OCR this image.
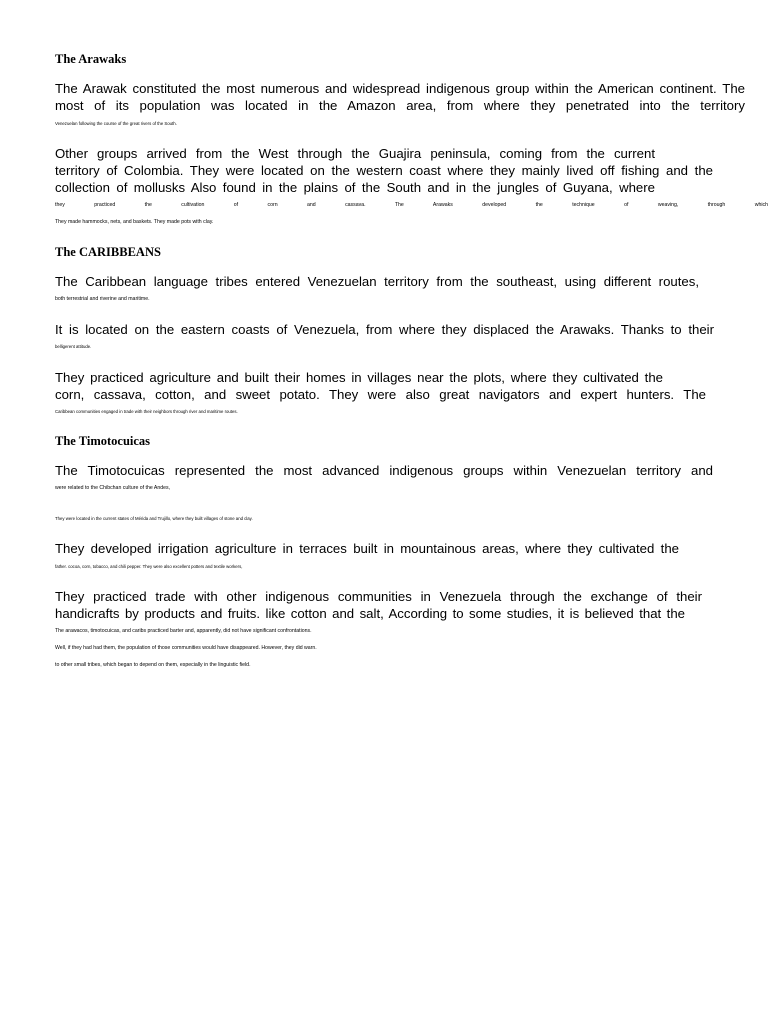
The Arawaks

The Arawak constituted the most numerous and widespread indigenous group within the American continent. The
most of its population was located in the Amazon area, from where they penetrated into the territory
Venezuelan following the course of the great rivers of the South.

Other groups arrived from the West through the Guajira peninsula, coming from the current
territory of Colombia. They were located on the western coast where they mainly lived off fishing and the
collection of mollusks Also found in the plains of the South and in the jungles of Guyana, where
they practiced the cultivation of corn and cassava. The Arawaks developed the technique of weaving, through which
They made hammocks, nets, and baskets. They made pots with clay.

The CARIBBEANS

The Caribbean language tribes entered Venezuelan territory from the southeast, using different routes,
both terrestrial and riverine and maritime.

It is located on the eastern coasts of Venezuela, from where they displaced the Arawaks. Thanks to their
belligerent attitude.

They practiced agriculture and built their homes in villages near the plots, where they cultivated the
corn, cassava, cotton, and sweet potato. They were also great navigators and expert hunters. The
Caribbean communities engaged in trade with their neighbors through river and maritime routes.

The Timotocuicas

The Timotocuicas represented the most advanced indigenous groups within Venezuelan territory and
were related to the Chibchan culture of the Andes,

They were located in the current states of Mérida and Trujillo, where they built villages of stone and clay.

They developed irrigation agriculture in terraces built in mountainous areas, where they cultivated the
father. cocoa, corn, tobacco, and chili pepper. They were also excellent potters and textile workers,

They practiced trade with other indigenous communities in Venezuela through the exchange of their
handicrafts by products and fruits. like cotton and salt, According to some studies, it is believed that the
The arawacos, timotocuicas, and caribs practiced barter and, apparently, did not have significant confrontations.
Well, if they had had them, the population of those communities would have disappeared. However, they did warn.
to other small tribes, which began to depend on them, especially in the linguistic field.
